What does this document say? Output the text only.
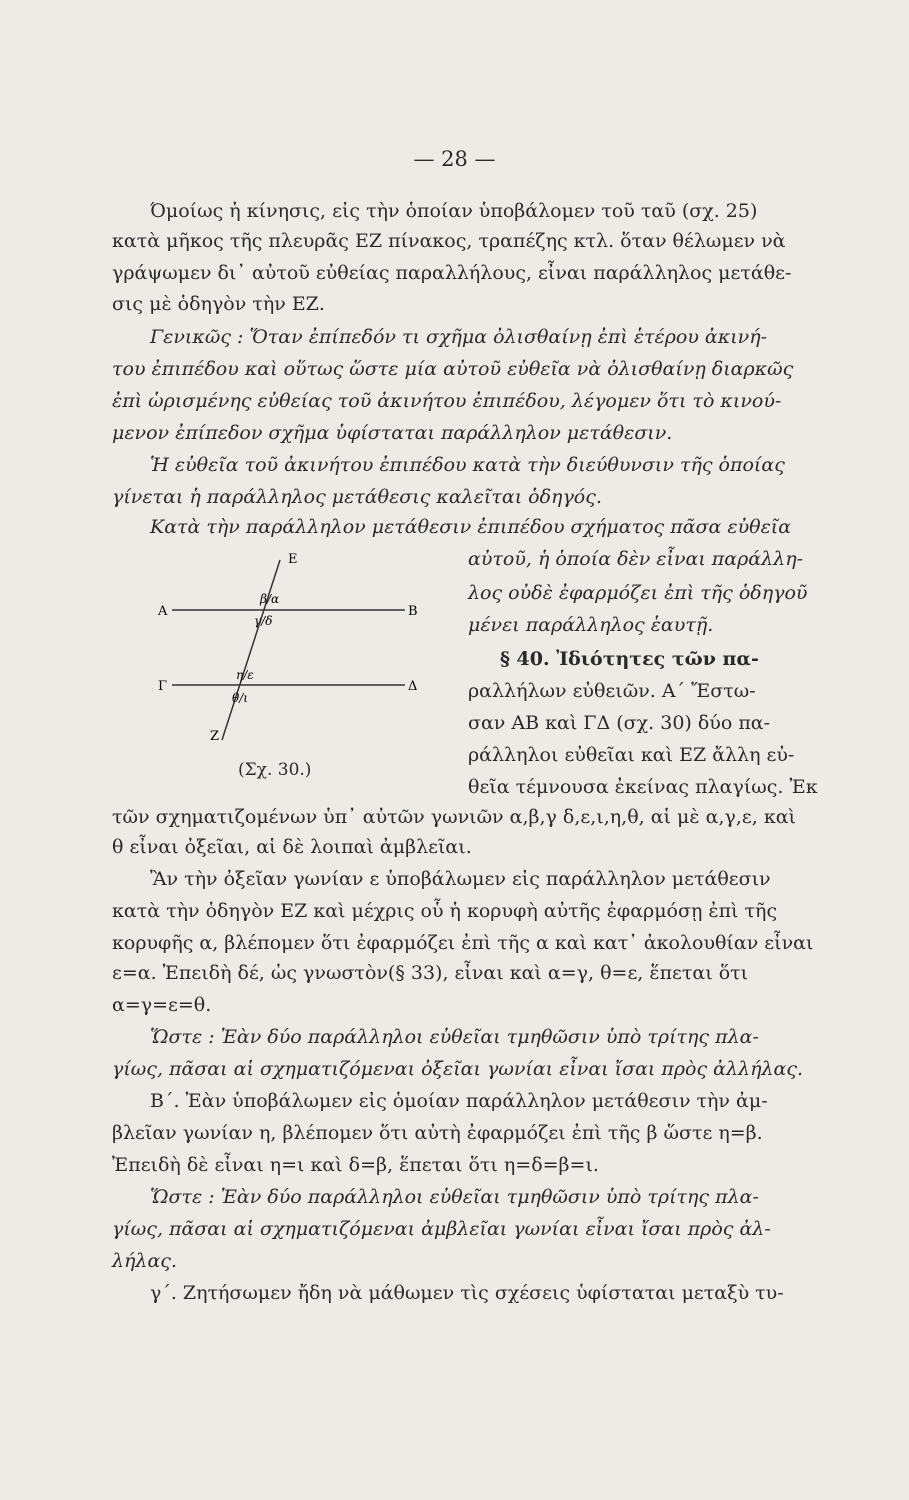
— 28 —
Όμοίως ἡ κίνησις, εἰς τὴν ὁποίαν ὑποβάλομεν τοῦ ταῦ (σχ. 25)
κατὰ μῆκος τῆς πλευρᾶς ΕΖ πίνακος, τραπέζης κτλ. ὅταν θέλωμεν νὰ
γράψωμεν δι᾽ αὐτοῦ εὐθείας παραλλήλους, εἶναι παράλληλος μετάθε-
σις μὲ ὁδηγὸν τὴν ΕΖ.
Γενικῶς : Ὅταν ἐπίπεδόν τι σχῆμα ὀλισθαίνῃ ἐπὶ ἑτέρου ἀκινή-
του ἐπιπέδου καὶ οὕτως ὥστε μία αὐτοῦ εὐθεῖα νὰ ὀλισθαίνῃ διαρκῶς
ἐπὶ ὡρισμένης εὐθείας τοῦ ἀκινήτου ἐπιπέδου, λέγομεν ὅτι τὸ κινού-
μενον ἐπίπεδον σχῆμα ὑφίσταται παράλληλον μετάθεσιν.
Ἡ εὐθεῖα τοῦ ἀκινήτου ἐπιπέδου κατὰ τὴν διεύθυνσιν τῆς ὁποίας
γίνεται ἡ παράλληλος μετάθεσις καλεῖται ὁδηγός.
Κατὰ τὴν παράλληλον μετάθεσιν ἐπιπέδου σχήματος πᾶσα εὐθεῖα
αὐτοῦ, ἡ ὁποία δὲν εἶναι παράλλη-
λος οὐδὲ ἐφαρμόζει ἐπὶ τῆς ὁδηγοῦ
μένει παράλληλος ἑαυτῇ.
§ 40. Ἰδιότητες τῶν πα-
ραλλήλων εὐθειῶν. Α΄ Ἔστω-
σαν ΑΒ καὶ ΓΔ (σχ. 30) δύο πα-
ράλληλοι εὐθεῖαι καὶ ΕΖ ἄλλη εὐ-
θεῖα τέμνουσα ἐκείνας πλαγίως. Ἐκ
Α	Β
Γ	Δ
Ε
Ζ
β/α
γ/δ
η/ε
θ/ι
(Σχ. 30.)
τῶν σχηματιζομένων ὑπ᾽ αὐτῶν γωνιῶν α,β,γ δ,ε,ι,η,θ, αἱ μὲ α,γ,ε, καὶ
θ εἶναι ὀξεῖαι, αἱ δὲ λοιπαὶ ἀμβλεῖαι.
Ἂν τὴν ὀξεῖαν γωνίαν ε ὑποβάλωμεν εἰς παράλληλον μετάθεσιν
κατὰ τὴν ὁδηγὸν ΕΖ καὶ μέχρις οὗ ἡ κορυφὴ αὐτῆς ἐφαρμόσῃ ἐπὶ τῆς
κορυφῆς α, βλέπομεν ὅτι ἐφαρμόζει ἐπὶ τῆς α καὶ κατ᾽ ἀκολουθίαν εἶναι
ε=α. Ἐπειδὴ δέ, ὡς γνωστὸν(§ 33), εἶναι καὶ α=γ, θ=ε, ἕπεται ὅτι
α=γ=ε=θ.
Ὥστε : Ἐὰν δύο παράλληλοι εὐθεῖαι τμηθῶσιν ὑπὸ τρίτης πλα-
γίως, πᾶσαι αἱ σχηματιζόμεναι ὀξεῖαι γωνίαι εἶναι ἴσαι πρὸς ἀλλήλας.
Β΄. Ἐὰν ὑποβάλωμεν εἰς ὁμοίαν παράλληλον μετάθεσιν τὴν ἀμ-
βλεῖαν γωνίαν η, βλέπομεν ὅτι αὐτὴ ἐφαρμόζει ἐπὶ τῆς β ὥστε η=β.
Ἐπειδὴ δὲ εἶναι η=ι καὶ δ=β, ἕπεται ὅτι η=δ=β=ι.
Ὥστε : Ἐὰν δύο παράλληλοι εὐθεῖαι τμηθῶσιν ὑπὸ τρίτης πλα-
γίως, πᾶσαι αἱ σχηματιζόμεναι ἀμβλεῖαι γωνίαι εἶναι ἴσαι πρὸς ἀλ-
λήλας.
γ΄. Ζητήσωμεν ἤδη νὰ μάθωμεν τὶς σχέσεις ὑφίσταται μεταξὺ τυ-
